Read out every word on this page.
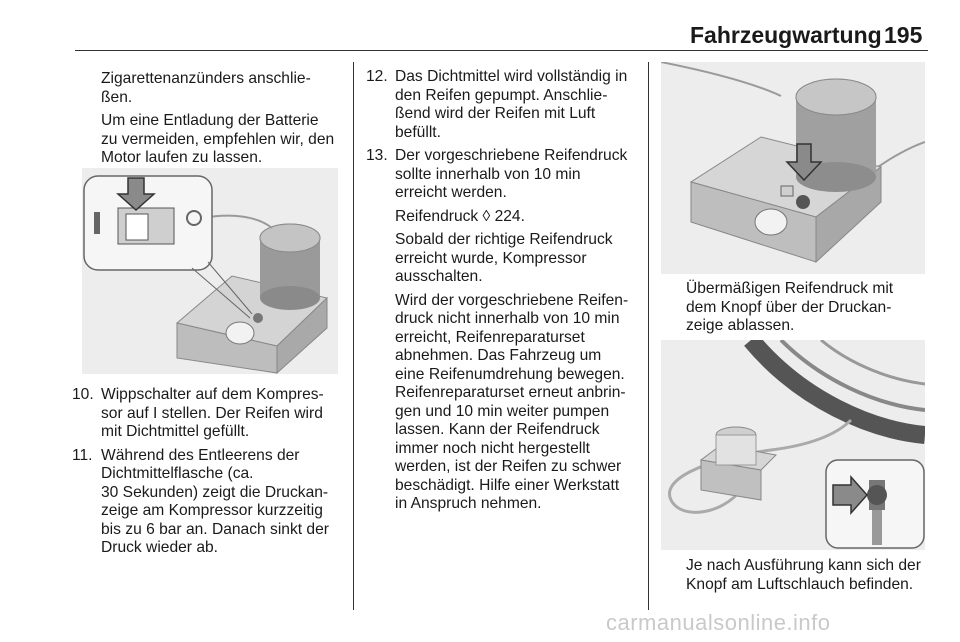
Fahrzeugwartung 195

Zigarettenanzünders anschlie-
ßen.

Um eine Entladung der Batterie
zu vermeiden, empfehlen wir, den
Motor laufen zu lassen.

10. Wippschalter auf dem Kompres-
sor auf I stellen. Der Reifen wird
mit Dichtmittel gefüllt.
11. Während des Entleerens der
Dichtmittelflasche (ca.
30 Sekunden) zeigt die Druckan-
zeige am Kompressor kurzzeitig
bis zu 6 bar an. Danach sinkt der
Druck wieder ab.
12. Das Dichtmittel wird vollständig in
den Reifen gepumpt. Anschlie-
ßend wird der Reifen mit Luft
befüllt.
13. Der vorgeschriebene Reifendruck
sollte innerhalb von 10 min
erreicht werden.

Reifendruck ◊ 224.

Sobald der richtige Reifendruck
erreicht wurde, Kompressor
ausschalten.

Wird der vorgeschriebene Reifen-
druck nicht innerhalb von 10 min
erreicht, Reifenreparaturset
abnehmen. Das Fahrzeug um
eine Reifenumdrehung bewegen.
Reifenreparaturset erneut anbrin-
gen und 10 min weiter pumpen
lassen. Kann der Reifendruck
immer noch nicht hergestellt
werden, ist der Reifen zu schwer
beschädigt. Hilfe einer Werkstatt
in Anspruch nehmen.

Übermäßigen Reifendruck mit
dem Knopf über der Druckan-
zeige ablassen.
Je nach Ausführung kann sich der
Knopf am Luftschlauch befinden.
carmanualsonline.info
